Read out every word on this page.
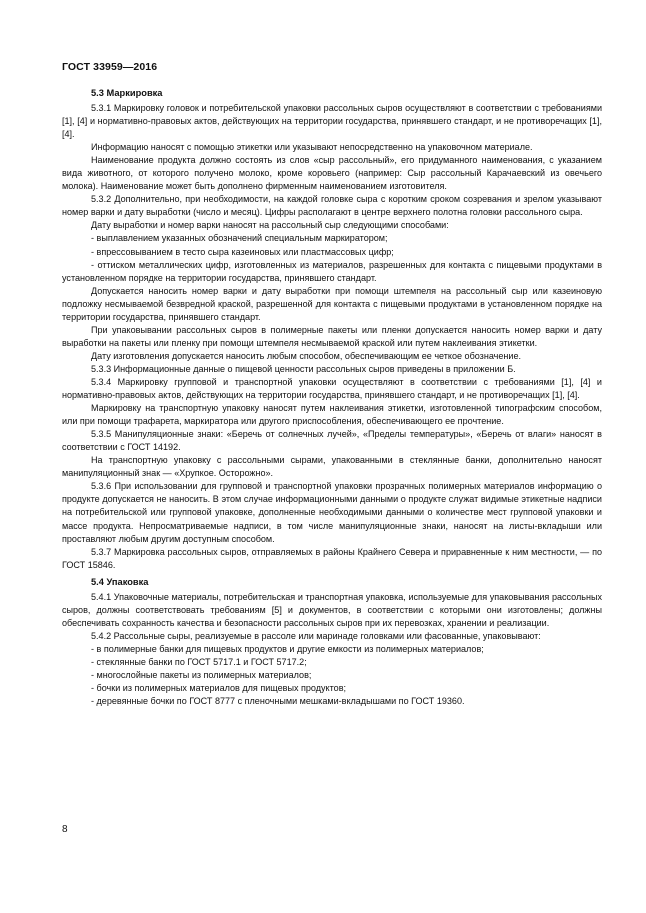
ГОСТ 33959—2016
5.3 Маркировка

5.3.1 Маркировку головок и потребительской упаковки рассольных сыров осуществляют в соответствии с требованиями [1], [4] и нормативно-правовых актов, действующих на территории государства, принявшего стандарт, и не противоречащих [1], [4].

Информацию наносят с помощью этикетки или указывают непосредственно на упаковочном материале.

Наименование продукта должно состоять из слов «сыр рассольный», его придуманного наименования, с указанием вида животного, от которого получено молоко, кроме коровьего (например: Сыр рассольный Карачаевский из овечьего молока). Наименование может быть дополнено фирменным наименованием изготовителя.

5.3.2 Дополнительно, при необходимости, на каждой головке сыра с коротким сроком созревания и зрелом указывают номер варки и дату выработки (число и месяц). Цифры располагают в центре верхнего полотна головки рассольного сыра.

Дату выработки и номер варки наносят на рассольный сыр следующими способами:

- выплавлением указанных обозначений специальным маркиратором;

- впрессовыванием в тесто сыра казеиновых или пластмассовых цифр;

- оттиском металлических цифр, изготовленных из материалов, разрешенных для контакта с пищевыми продуктами в установленном порядке на территории государства, принявшего стандарт.

Допускается наносить номер варки и дату выработки при помощи штемпеля на рассольный сыр или казеиновую подложку несмываемой безвредной краской, разрешенной для контакта с пищевыми продуктами в установленном порядке на территории государства, принявшего стандарт.

При упаковывании рассольных сыров в полимерные пакеты или пленки допускается наносить номер варки и дату выработки на пакеты или пленку при помощи штемпеля несмываемой краской или путем наклеивания этикетки.

Дату изготовления допускается наносить любым способом, обеспечивающим ее четкое обозначение.

5.3.3 Информационные данные о пищевой ценности рассольных сыров приведены в приложении Б.

5.3.4 Маркировку групповой и транспортной упаковки осуществляют в соответствии с требованиями [1], [4] и нормативно-правовых актов, действующих на территории государства, принявшего стандарт, и не противоречащих [1], [4].

Маркировку на транспортную упаковку наносят путем наклеивания этикетки, изготовленной типографским способом, или при помощи трафарета, маркиратора или другого приспособления, обеспечивающего ее прочтение.

5.3.5 Манипуляционные знаки: «Беречь от солнечных лучей», «Пределы температуры», «Беречь от влаги» наносят в соответствии с ГОСТ 14192.

На транспортную упаковку с рассольными сырами, упакованными в стеклянные банки, дополнительно наносят манипуляционный знак — «Хрупкое. Осторожно».

5.3.6 При использовании для групповой и транспортной упаковки прозрачных полимерных материалов информацию о продукте допускается не наносить. В этом случае информационными данными о продукте служат видимые этикетные надписи на потребительской или групповой упаковке, дополненные необходимыми данными о количестве мест групповой упаковки и массе продукта. Непросматриваемые надписи, в том числе манипуляционные знаки, наносят на листы-вкладыши или проставляют любым другим доступным способом.

5.3.7 Маркировка рассольных сыров, отправляемых в районы Крайнего Севера и приравненные к ним местности, — по ГОСТ 15846.

5.4 Упаковка

5.4.1 Упаковочные материалы, потребительская и транспортная упаковка, используемые для упаковывания рассольных сыров, должны соответствовать требованиям [5] и документов, в соответствии с которыми они изготовлены; должны обеспечивать сохранность качества и безопасности рассольных сыров при их перевозках, хранении и реализации.

5.4.2 Рассольные сыры, реализуемые в рассоле или маринаде головками или фасованные, упаковывают:

- в полимерные банки для пищевых продуктов и другие емкости из полимерных материалов;

- стеклянные банки по ГОСТ 5717.1 и ГОСТ 5717.2;

- многослойные пакеты из полимерных материалов;

- бочки из полимерных материалов для пищевых продуктов;

- деревянные бочки по ГОСТ 8777 с пленочными мешками-вкладышами по ГОСТ 19360.

8
